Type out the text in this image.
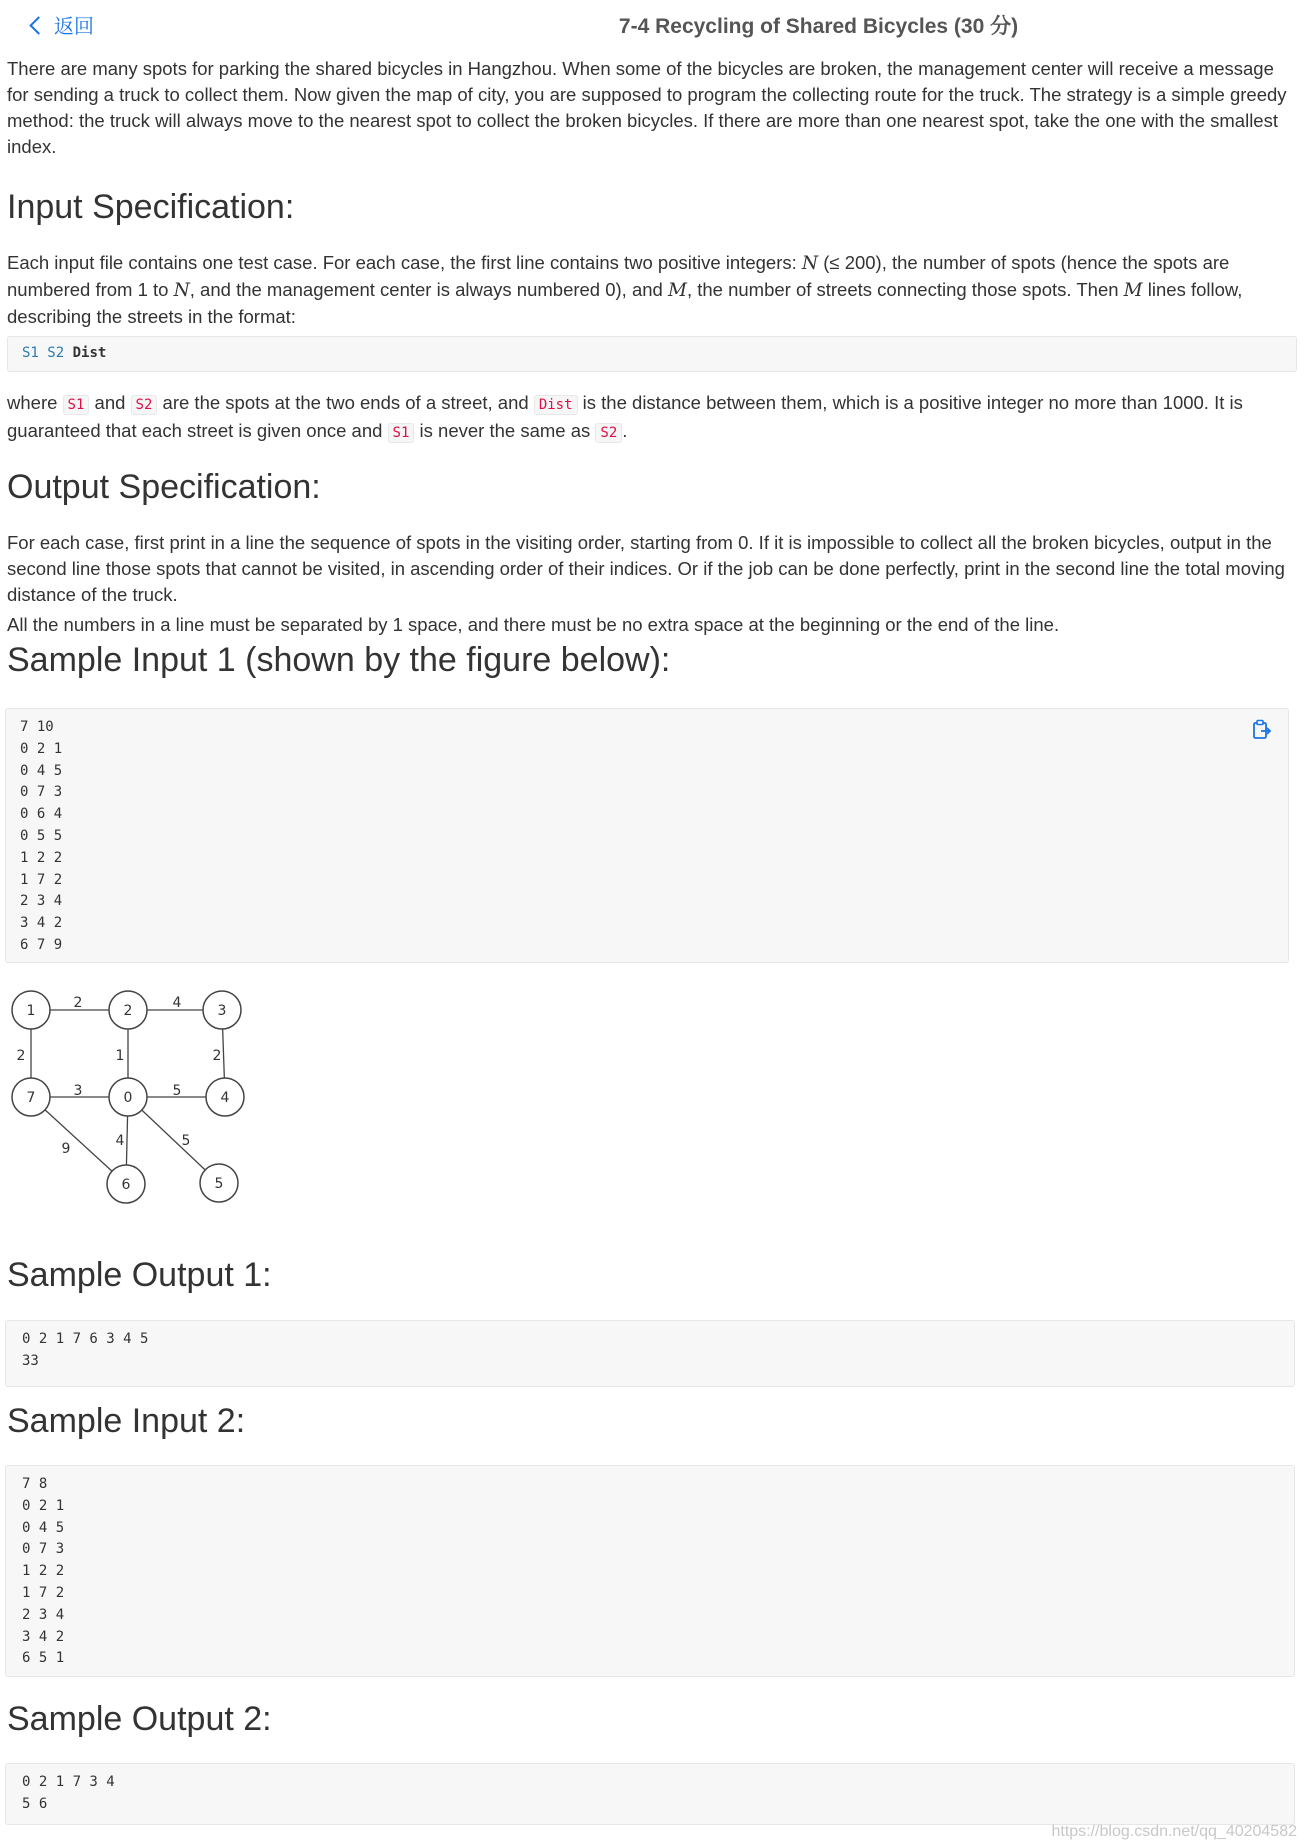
返回	7-4 Recycling of Shared Bicycles (30 分)

There are many spots for parking the shared bicycles in Hangzhou. When some of the bicycles are broken, the management center will receive a message for sending a truck to collect them. Now given the map of city, you are supposed to program the collecting route for the truck. The strategy is a simple greedy method: the truck will always move to the nearest spot to collect the broken bicycles. If there are more than one nearest spot, take the one with the smallest index.

Input Specification:

Each input file contains one test case. For each case, the first line contains two positive integers: N (≤ 200), the number of spots (hence the spots are numbered from 1 to N, and the management center is always numbered 0), and M, the number of streets connecting those spots. Then M lines follow, describing the streets in the format:

S1 S2 Dist

where S1 and S2 are the spots at the two ends of a street, and Dist is the distance between them, which is a positive integer no more than 1000. It is guaranteed that each street is given once and S1 is never the same as S2 .

Output Specification:

For each case, first print in a line the sequence of spots in the visiting order, starting from 0. If it is impossible to collect all the broken bicycles, output in the second line those spots that cannot be visited, in ascending order of their indices. Or if the job can be done perfectly, print in the second line the total moving distance of the truck.

All the numbers in a line must be separated by 1 space, and there must be no extra space at the beginning or the end of the line.

Sample Input 1 (shown by the figure below):
7 10
0 2 1
0 4 5
0 7 3
0 6 4
0 5 5
1 2 2
1 7 2
2 3 4
3 4 2
6 7 9
2	4
2	1	2
3	5
4	5
9
1	2	3
7	0	4
6	5
Sample Output 1:
0 2 1 7 6 3 4 5
33
Sample Input 2:
7 8
0 2 1
0 4 5
0 7 3
1 2 2
1 7 2
2 3 4
3 4 2
6 5 1
Sample Output 2:
0 2 1 7 3 4
5 6
https://blog.csdn.net/qq_40204582
